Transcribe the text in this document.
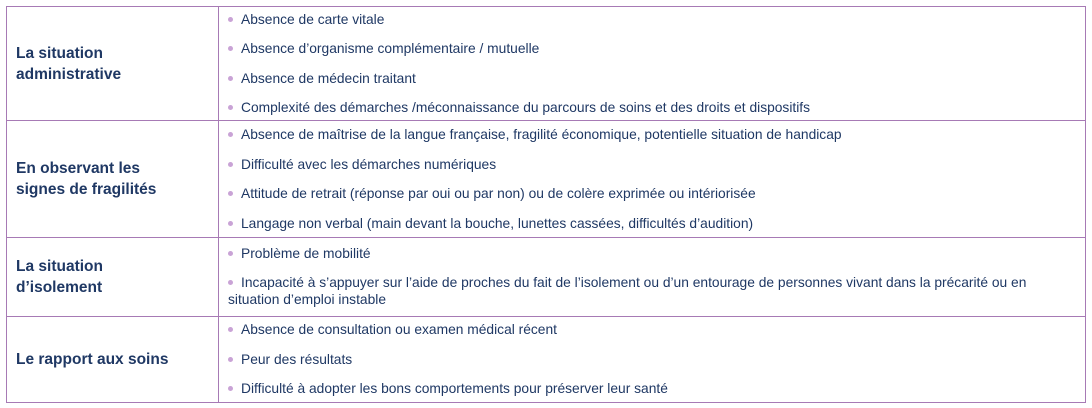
La situation administrative	Absence de carte vitale
Absence d’organisme complémentaire / mutuelle
Absence de médecin traitant
Complexité des démarches /méconnaissance du parcours de soins et des droits et dispositifs

En observant les signes de fragilités	Absence de maîtrise de la langue française, fragilité économique, potentielle situation de handicap
Difficulté avec les démarches numériques
Attitude de retrait (réponse par oui ou par non) ou de colère exprimée ou intériorisée
Langage non verbal (main devant la bouche, lunettes cassées, difficultés d’audition)

La situation d’isolement	Problème de mobilité
Incapacité à s’appuyer sur l’aide de proches du fait de l’isolement ou d’un entourage de personnes vivant dans la précarité ou en situation d’emploi instable

Le rapport aux soins	Absence de consultation ou examen médical récent
Peur des résultats
Difficulté à adopter les bons comportements pour préserver leur santé
